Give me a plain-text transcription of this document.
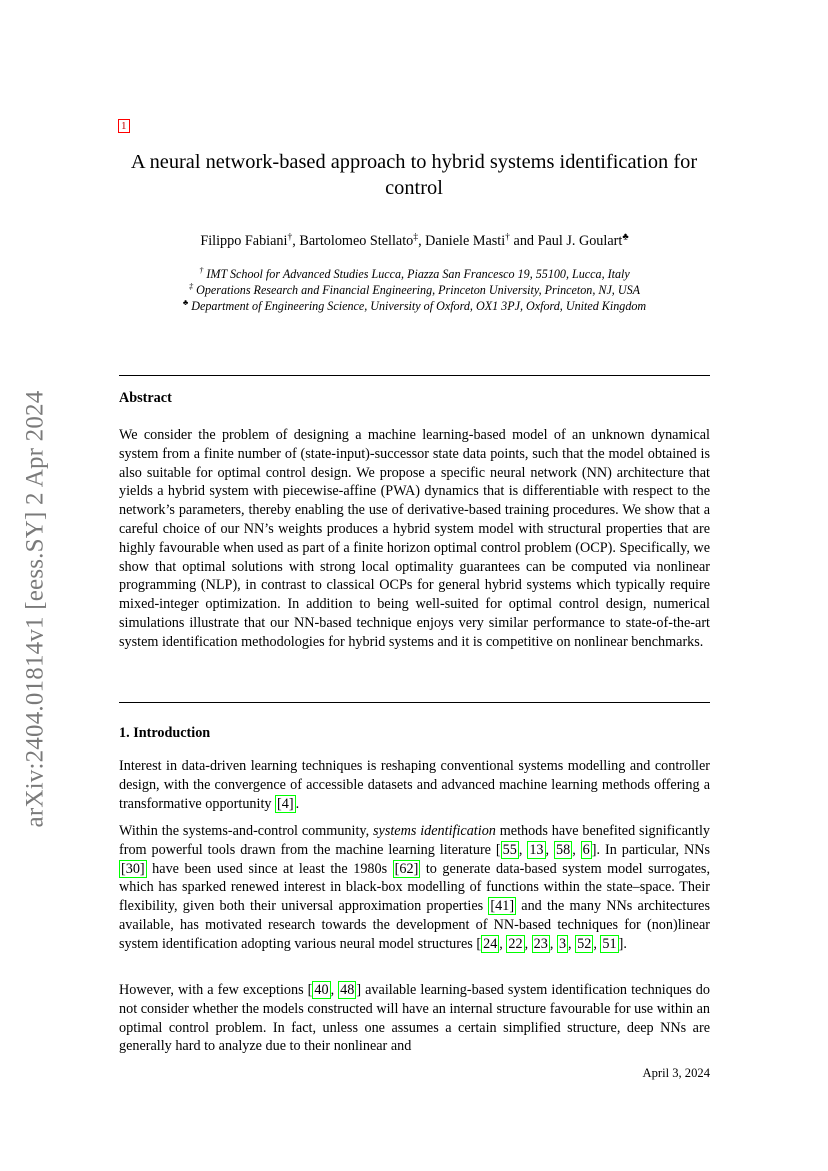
arXiv:2404.01814v1 [eess.SY] 2 Apr 2024
1
A neural network-based approach to hybrid systems identification for control
Filippo Fabiani†, Bartolomeo Stellato‡, Daniele Masti† and Paul J. Goulart♣
† IMT School for Advanced Studies Lucca, Piazza San Francesco 19, 55100, Lucca, Italy
‡ Operations Research and Financial Engineering, Princeton University, Princeton, NJ, USA
♣ Department of Engineering Science, University of Oxford, OX1 3PJ, Oxford, United Kingdom
Abstract
We consider the problem of designing a machine learning-based model of an unknown dynamical system from a finite number of (state-input)-successor state data points, such that the model obtained is also suitable for optimal control design. We propose a specific neural network (NN) architecture that yields a hybrid system with piecewise-affine (PWA) dynamics that is differentiable with respect to the network’s parameters, thereby enabling the use of derivative-based training procedures. We show that a careful choice of our NN’s weights produces a hybrid system model with structural properties that are highly favourable when used as part of a finite horizon optimal control problem (OCP). Specifically, we show that optimal solutions with strong local optimality guarantees can be computed via nonlinear programming (NLP), in contrast to classical OCPs for general hybrid systems which typically require mixed-integer optimization. In addition to being well-suited for optimal control design, numerical simulations illustrate that our NN-based technique enjoys very similar performance to state-of-the-art system identification methodologies for hybrid systems and it is competitive on nonlinear benchmarks.
1. Introduction
Interest in data-driven learning techniques is reshaping conventional systems modelling and controller design, with the convergence of accessible datasets and advanced machine learning methods offering a transformative opportunity [4] .
Within the systems-and-control community, systems identification methods have benefited significantly from powerful tools drawn from the machine learning literature [ 55 , 13 , 58 , 6 ]. In particular, NNs [30] have been used since at least the 1980s [62] to generate data-based system model surrogates, which has sparked renewed interest in black-box modelling of functions within the state–space. Their flexibility, given both their universal approximation properties [41] and the many NNs architectures available, has motivated research towards the development of NN-based techniques for (non)linear system identification adopting various neural model structures [ 24 , 22 , 23 , 3 , 52 , 51 ].
However, with a few exceptions [ 40 , 48 ] available learning-based system identification techniques do not consider whether the models constructed will have an internal structure favourable for use within an optimal control problem. In fact, unless one assumes a certain simplified structure, deep NNs are generally hard to analyze due to their nonlinear and
April 3, 2024
